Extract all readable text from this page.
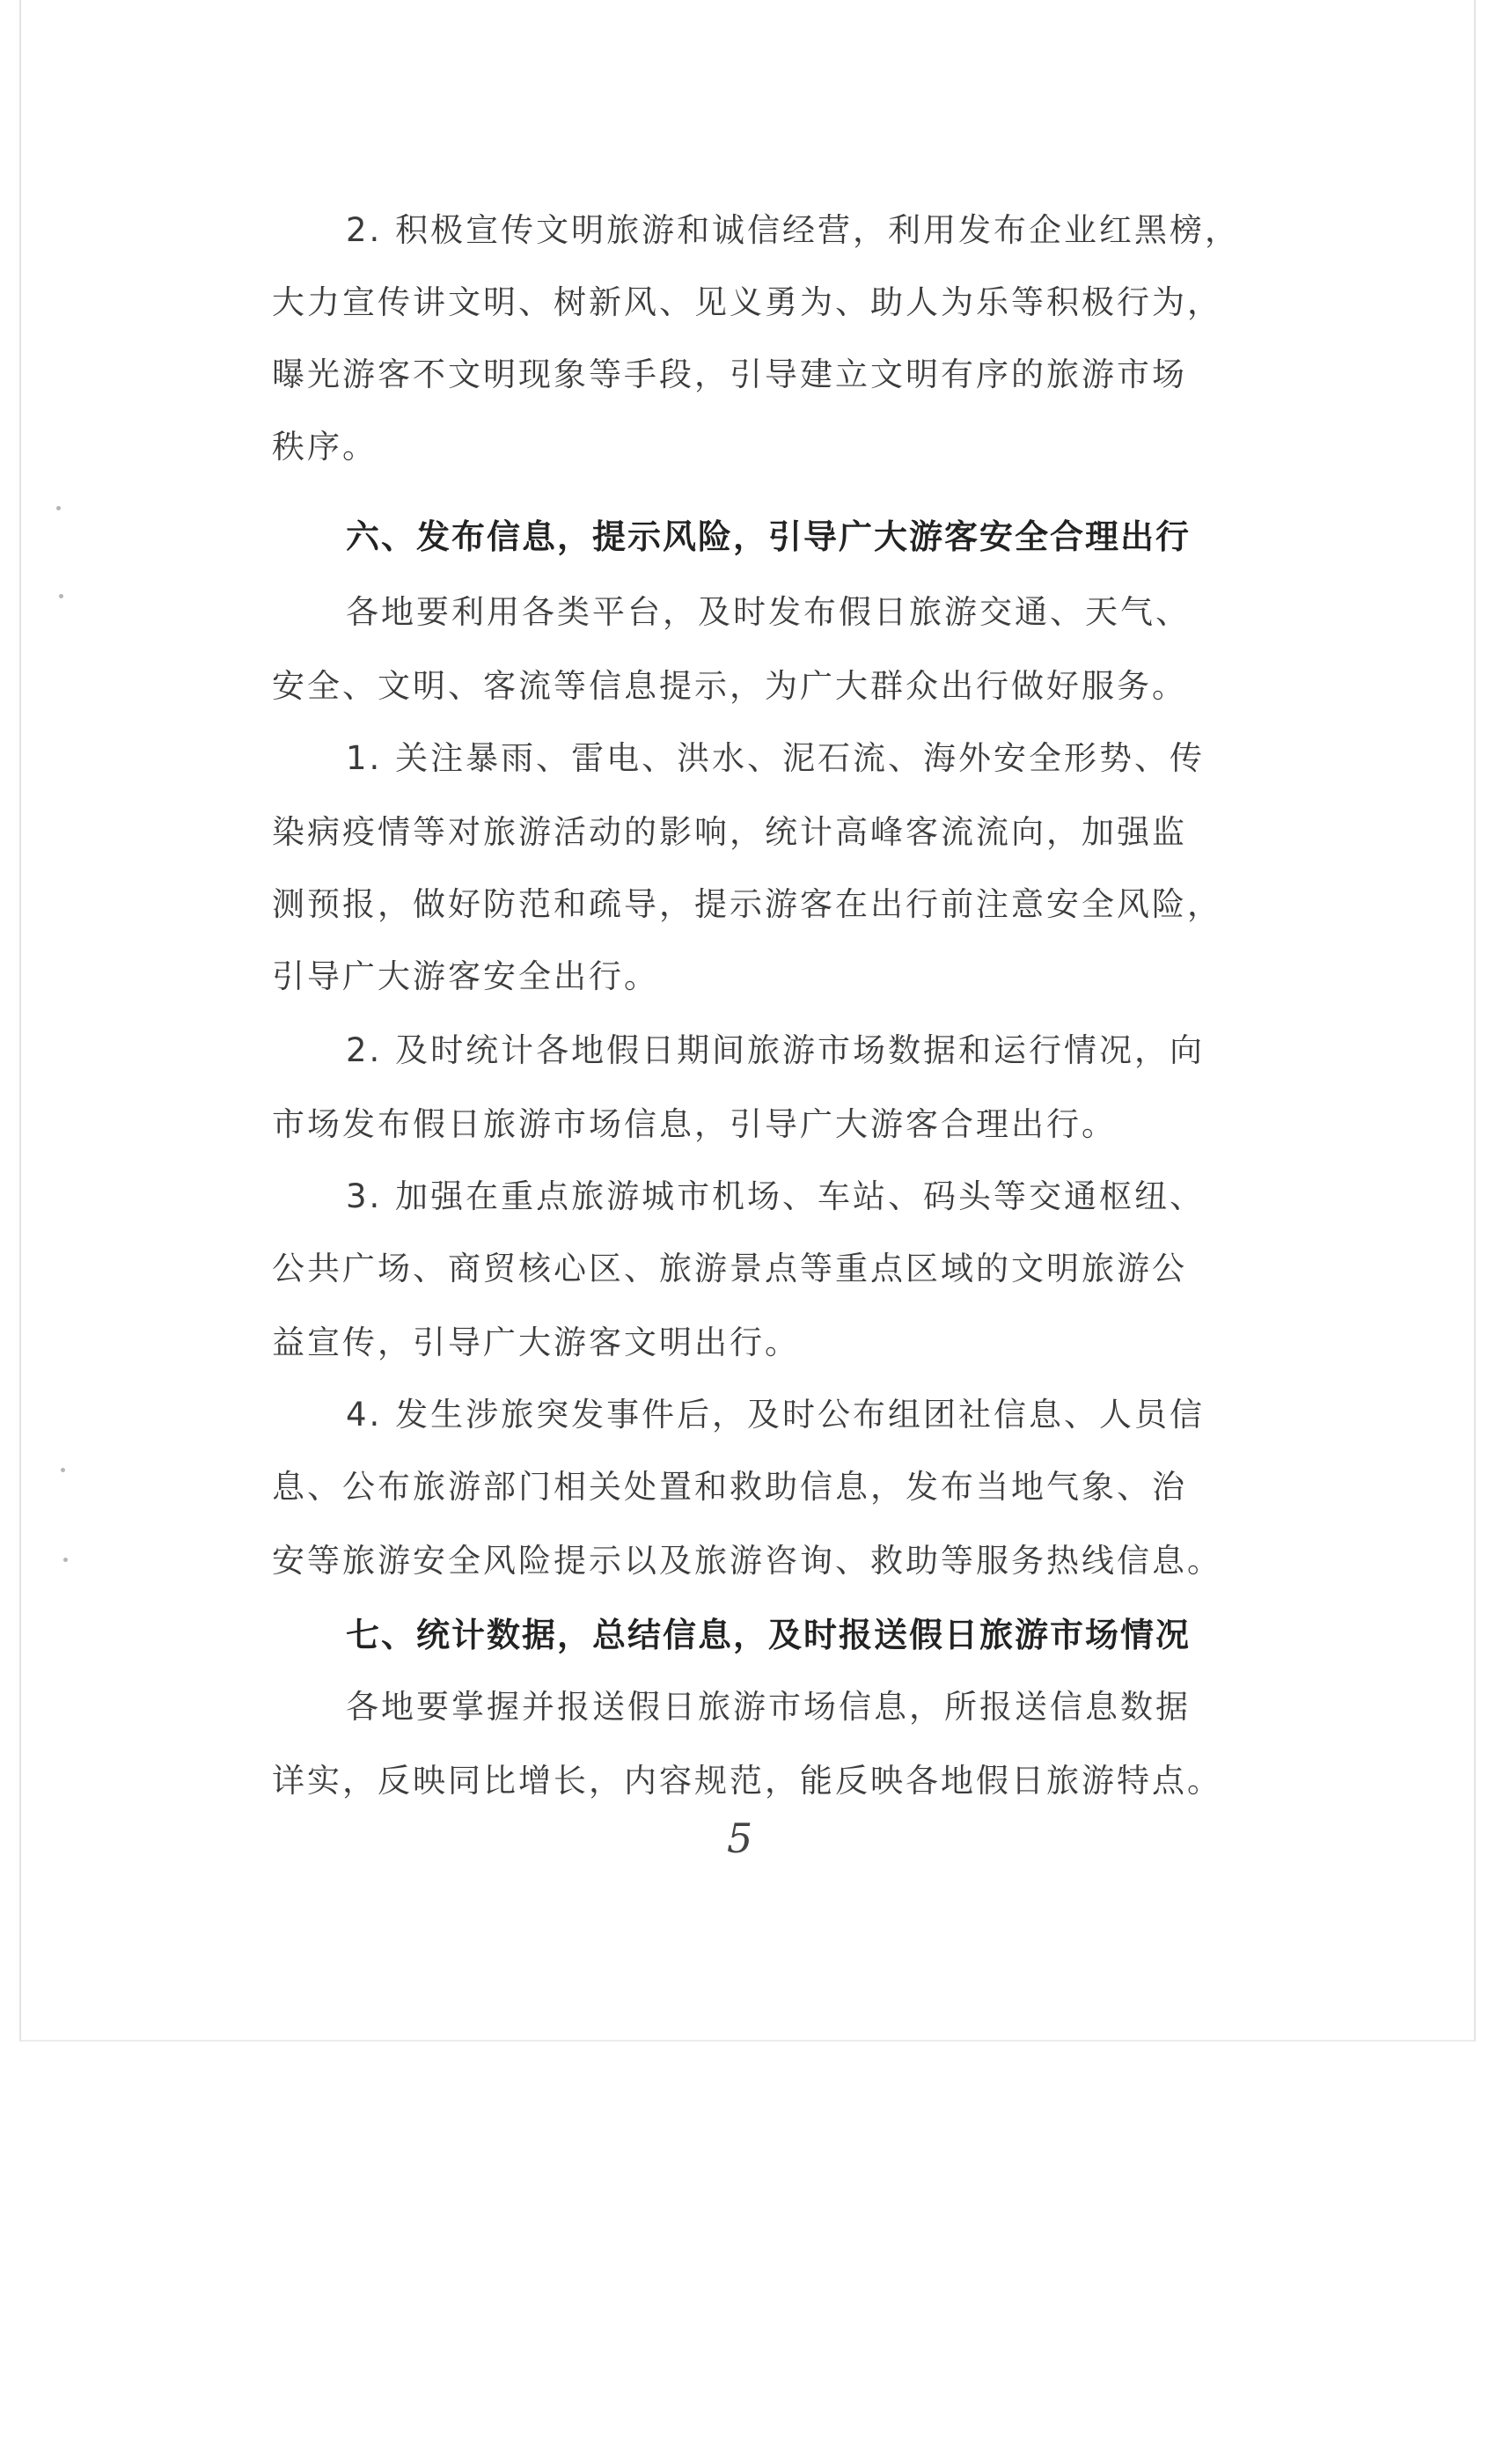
2. 积极宣传文明旅游和诚信经营，利用发布企业红黑榜，
大力宣传讲文明、树新风、见义勇为、助人为乐等积极行为，
曝光游客不文明现象等手段，引导建立文明有序的旅游市场
秩序。
六、发布信息，提示风险，引导广大游客安全合理出行
各地要利用各类平台，及时发布假日旅游交通、天气、
安全、文明、客流等信息提示，为广大群众出行做好服务。
1. 关注暴雨、雷电、洪水、泥石流、海外安全形势、传
染病疫情等对旅游活动的影响，统计高峰客流流向，加强监
测预报，做好防范和疏导，提示游客在出行前注意安全风险，
引导广大游客安全出行。
2. 及时统计各地假日期间旅游市场数据和运行情况，向
市场发布假日旅游市场信息，引导广大游客合理出行。
3. 加强在重点旅游城市机场、车站、码头等交通枢纽、
公共广场、商贸核心区、旅游景点等重点区域的文明旅游公
益宣传，引导广大游客文明出行。
4. 发生涉旅突发事件后，及时公布组团社信息、人员信
息、公布旅游部门相关处置和救助信息，发布当地气象、治
安等旅游安全风险提示以及旅游咨询、救助等服务热线信息。
七、统计数据，总结信息，及时报送假日旅游市场情况
各地要掌握并报送假日旅游市场信息，所报送信息数据
详实，反映同比增长，内容规范，能反映各地假日旅游特点。
5
